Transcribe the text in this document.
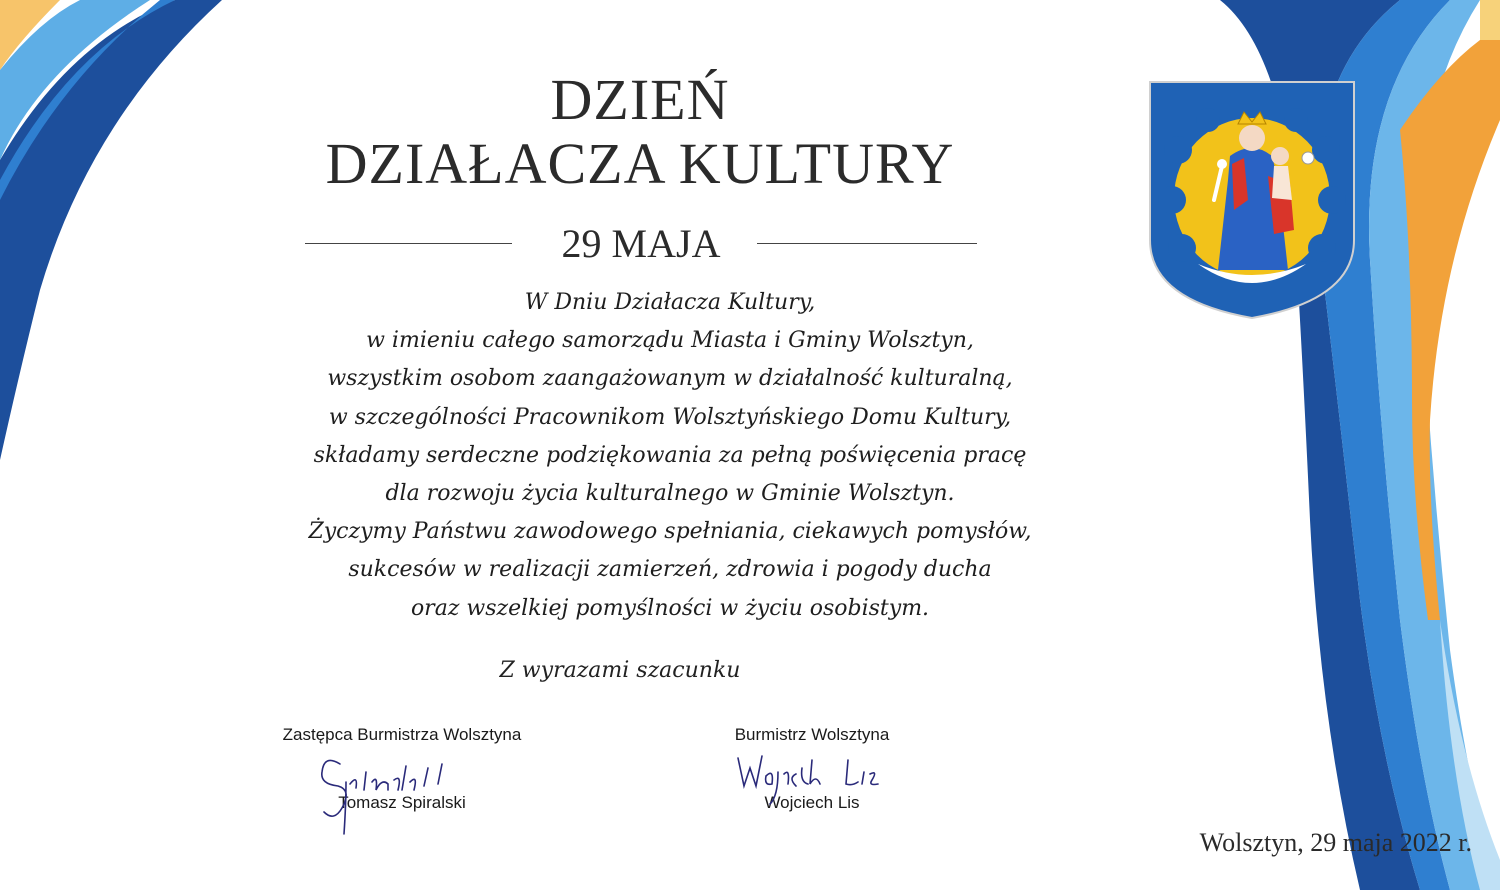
DZIEŃ
DZIAŁACZA KULTURY
29 MAJA
W Dniu Działacza Kultury,
w imieniu całego samorządu Miasta i Gminy Wolsztyn,
wszystkim osobom zaangażowanym w działalność kulturalną,
w szczególności Pracownikom Wolsztyńskiego Domu Kultury,
składamy serdeczne podziękowania za pełną poświęcenia pracę
dla rozwoju życia kulturalnego w Gminie Wolsztyn.
Życzymy Państwu zawodowego spełniania, ciekawych pomysłów,
sukcesów w realizacji zamierzeń, zdrowia i pogody ducha
oraz wszelkiej pomyślności w życiu osobistym.
Z wyrazami szacunku
Zastępca Burmistrza Wolsztyna
Tomasz Spiralski
Burmistrz Wolsztyna
Wojciech Lis
Wolsztyn, 29 maja 2022 r.
